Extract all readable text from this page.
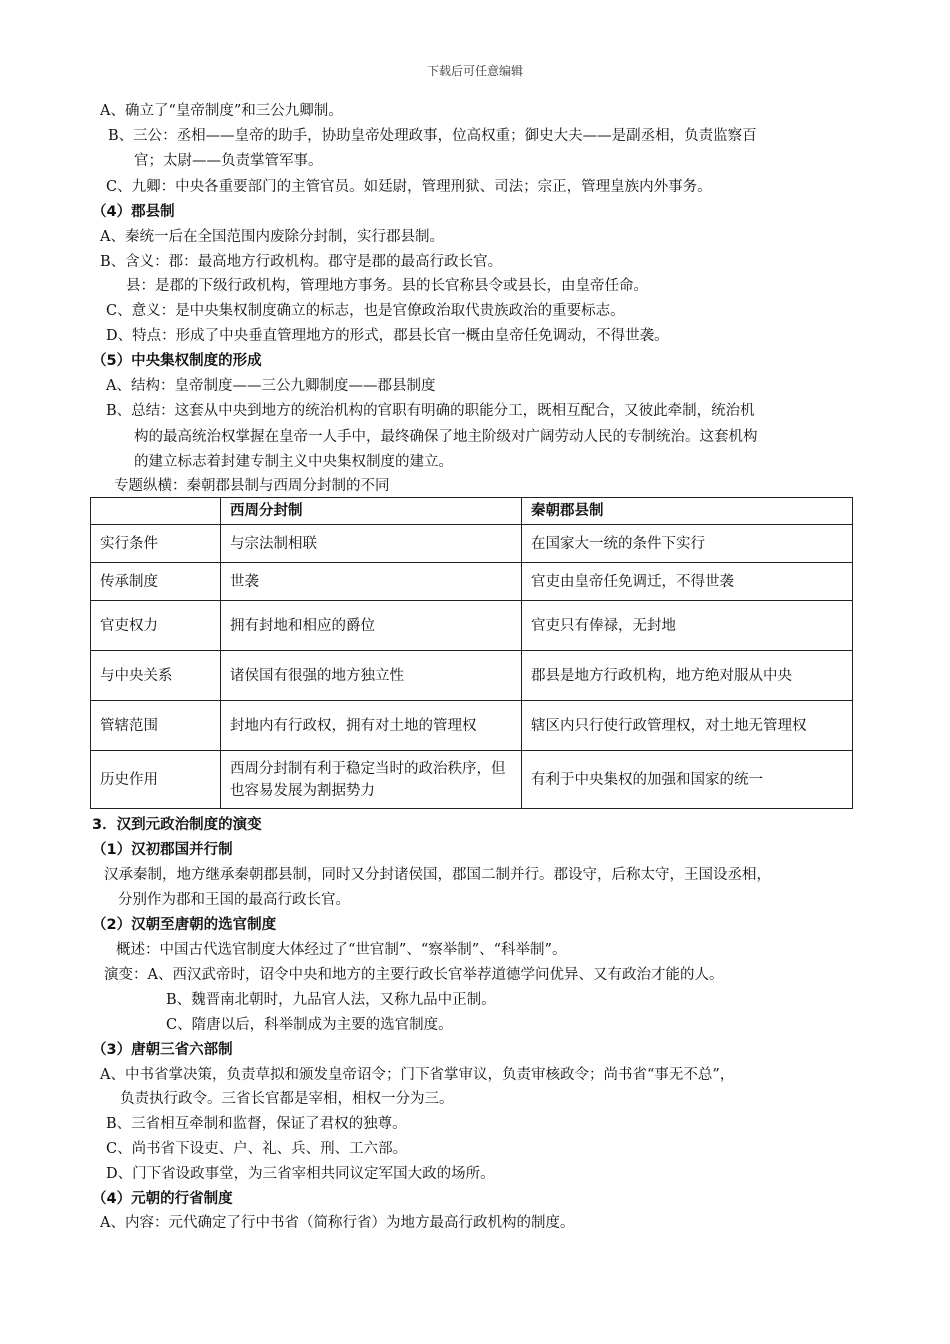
下载后可任意编辑
A、确立了“皇帝制度”和三公九卿制。
B、三公：丞相——皇帝的助手，协助皇帝处理政事，位高权重；御史大夫——是副丞相，负责监察百
官；太尉——负责掌管军事。
C、九卿：中央各重要部门的主管官员。如廷尉，管理刑狱、司法；宗正，管理皇族内外事务。
（4）郡县制
A、秦统一后在全国范围内废除分封制，实行郡县制。
B、含义：郡：最高地方行政机构。郡守是郡的最高行政长官。
县：是郡的下级行政机构，管理地方事务。县的长官称县令或县长，由皇帝任命。
C、意义：是中央集权制度确立的标志，也是官僚政治取代贵族政治的重要标志。
D、特点：形成了中央垂直管理地方的形式，郡县长官一概由皇帝任免调动，不得世袭。
（5）中央集权制度的形成
A、结构：皇帝制度——三公九卿制度——郡县制度
B、总结：这套从中央到地方的统治机构的官职有明确的职能分工，既相互配合，又彼此牵制，统治机
构的最高统治权掌握在皇帝一人手中，最终确保了地主阶级对广阔劳动人民的专制统治。这套机构
的建立标志着封建专制主义中央集权制度的建立。
专题纵横：秦朝郡县制与西周分封制的不同
	西周分封制	秦朝郡县制
实行条件	与宗法制相联	在国家大一统的条件下实行
传承制度	世袭	官吏由皇帝任免调迁，不得世袭
官吏权力	拥有封地和相应的爵位	官吏只有俸禄，无封地
与中央关系	诸侯国有很强的地方独立性	郡县是地方行政机构，地方绝对服从中央
管辖范围	封地内有行政权，拥有对土地的管理权	辖区内只行使行政管理权，对土地无管理权
历史作用	西周分封制有利于稳定当时的政治秩序，但也容易发展为割据势力	有利于中央集权的加强和国家的统一
3．汉到元政治制度的演变
（1）汉初郡国并行制
汉承秦制，地方继承秦朝郡县制，同时又分封诸侯国，郡国二制并行。郡设守，后称太守，王国设丞相，
分别作为郡和王国的最高行政长官。
（2）汉朝至唐朝的选官制度
概述：中国古代选官制度大体经过了“世官制”、“察举制”、“科举制”。
演变：A、西汉武帝时，诏令中央和地方的主要行政长官举荐道德学问优异、又有政治才能的人。
B、魏晋南北朝时，九品官人法，又称九品中正制。
C、隋唐以后，科举制成为主要的选官制度。
（3）唐朝三省六部制
A、中书省掌决策，负责草拟和颁发皇帝诏令；门下省掌审议，负责审核政令；尚书省“事无不总”，
负责执行政令。三省长官都是宰相，相权一分为三。
B、三省相互牵制和监督，保证了君权的独尊。
C、尚书省下设吏、户、礼、兵、刑、工六部。
D、门下省设政事堂，为三省宰相共同议定军国大政的场所。
（4）元朝的行省制度
A、内容：元代确定了行中书省（简称行省）为地方最高行政机构的制度。
